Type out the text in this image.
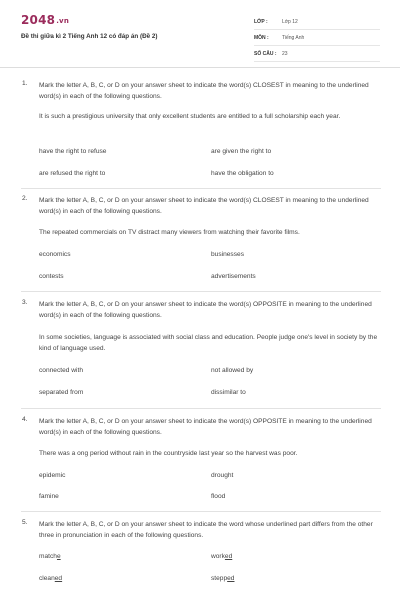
2048.vn
Đề thi giữa kì 2 Tiếng Anh 12 có đáp án (Đề 2)
LỚP :	Lớp 12
MÔN :	Tiếng Anh
SỐ CÂU :	23
1. Mark the letter A, B, C, or D on your answer sheet to indicate the word(s) CLOSEST in meaning to the underlined word(s) in each of the following questions.
It is such a prestigious university that only excellent students are entitled to a full scholarship each year.
have the right to refuse	are given the right to
are refused the right to	have the obligation to
2. Mark the letter A, B, C, or D on your answer sheet to indicate the word(s) CLOSEST in meaning to the underlined word(s) in each of the following questions.
The repeated commercials on TV distract many viewers from watching their favorite films.
economics	businesses
contests	advertisements
3. Mark the letter A, B, C, or D on your answer sheet to indicate the word(s) OPPOSITE in meaning to the underlined word(s) in each of the following questions.
In some societies, language is associated with social class and education. People judge one's level in society by the kind of language used.
connected with	not allowed by
separated from	dissimilar to
4. Mark the letter A, B, C, or D on your answer sheet to indicate the word(s) OPPOSITE in meaning to the underlined word(s) in each of the following questions.
There was a ong period without rain in the countryside last year so the harvest was poor.
epidemic	drought
famine	flood
5. Mark the letter A, B, C, or D on your answer sheet to indicate the word whose underlined part differs from the other three in pronunciation in each of the following questions.
matche	worked
cleaned	stepped
